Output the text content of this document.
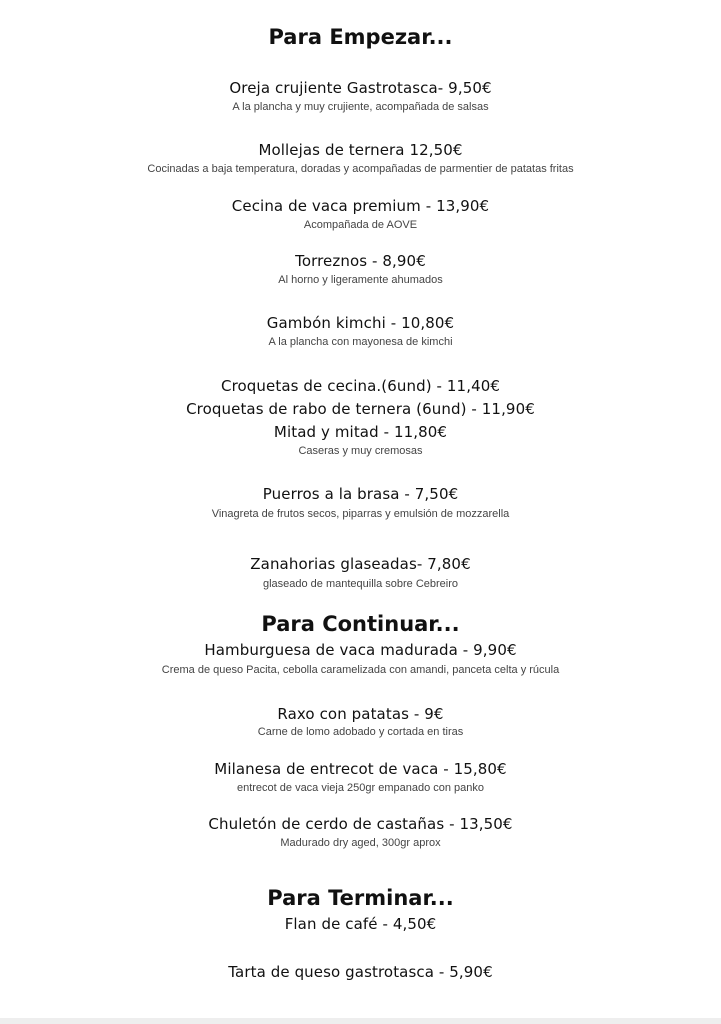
Para Empezar...
Oreja crujiente Gastrotasca- 9,50€
A la plancha y muy crujiente, acompañada de salsas
Mollejas de ternera 12,50€
Cocinadas a baja temperatura, doradas y acompañadas de parmentier de patatas fritas
Cecina de vaca premium - 13,90€
Acompañada de AOVE
Torreznos - 8,90€
Al horno y ligeramente ahumados
Gambón kimchi - 10,80€
A la plancha con mayonesa de kimchi
Croquetas de cecina.(6und) - 11,40€
Croquetas de rabo de ternera (6und) - 11,90€
Mitad y mitad - 11,80€
Caseras y muy cremosas
Puerros a la brasa - 7,50€
Vinagreta de frutos secos, piparras y emulsión de mozzarella
Zanahorias glaseadas- 7,80€
glaseado de mantequilla sobre Cebreiro
Para Continuar...
Hamburguesa de vaca madurada - 9,90€
Crema de queso Pacita, cebolla caramelizada con amandi, panceta celta y rúcula
Raxo con patatas - 9€
Carne de lomo adobado y cortada en tiras
Milanesa de entrecot de vaca - 15,80€
entrecot de vaca vieja 250gr empanado con panko
Chuletón de cerdo de castañas - 13,50€
Madurado dry aged, 300gr aprox
Para Terminar...
Flan de café - 4,50€
Tarta de queso gastrotasca - 5,90€
